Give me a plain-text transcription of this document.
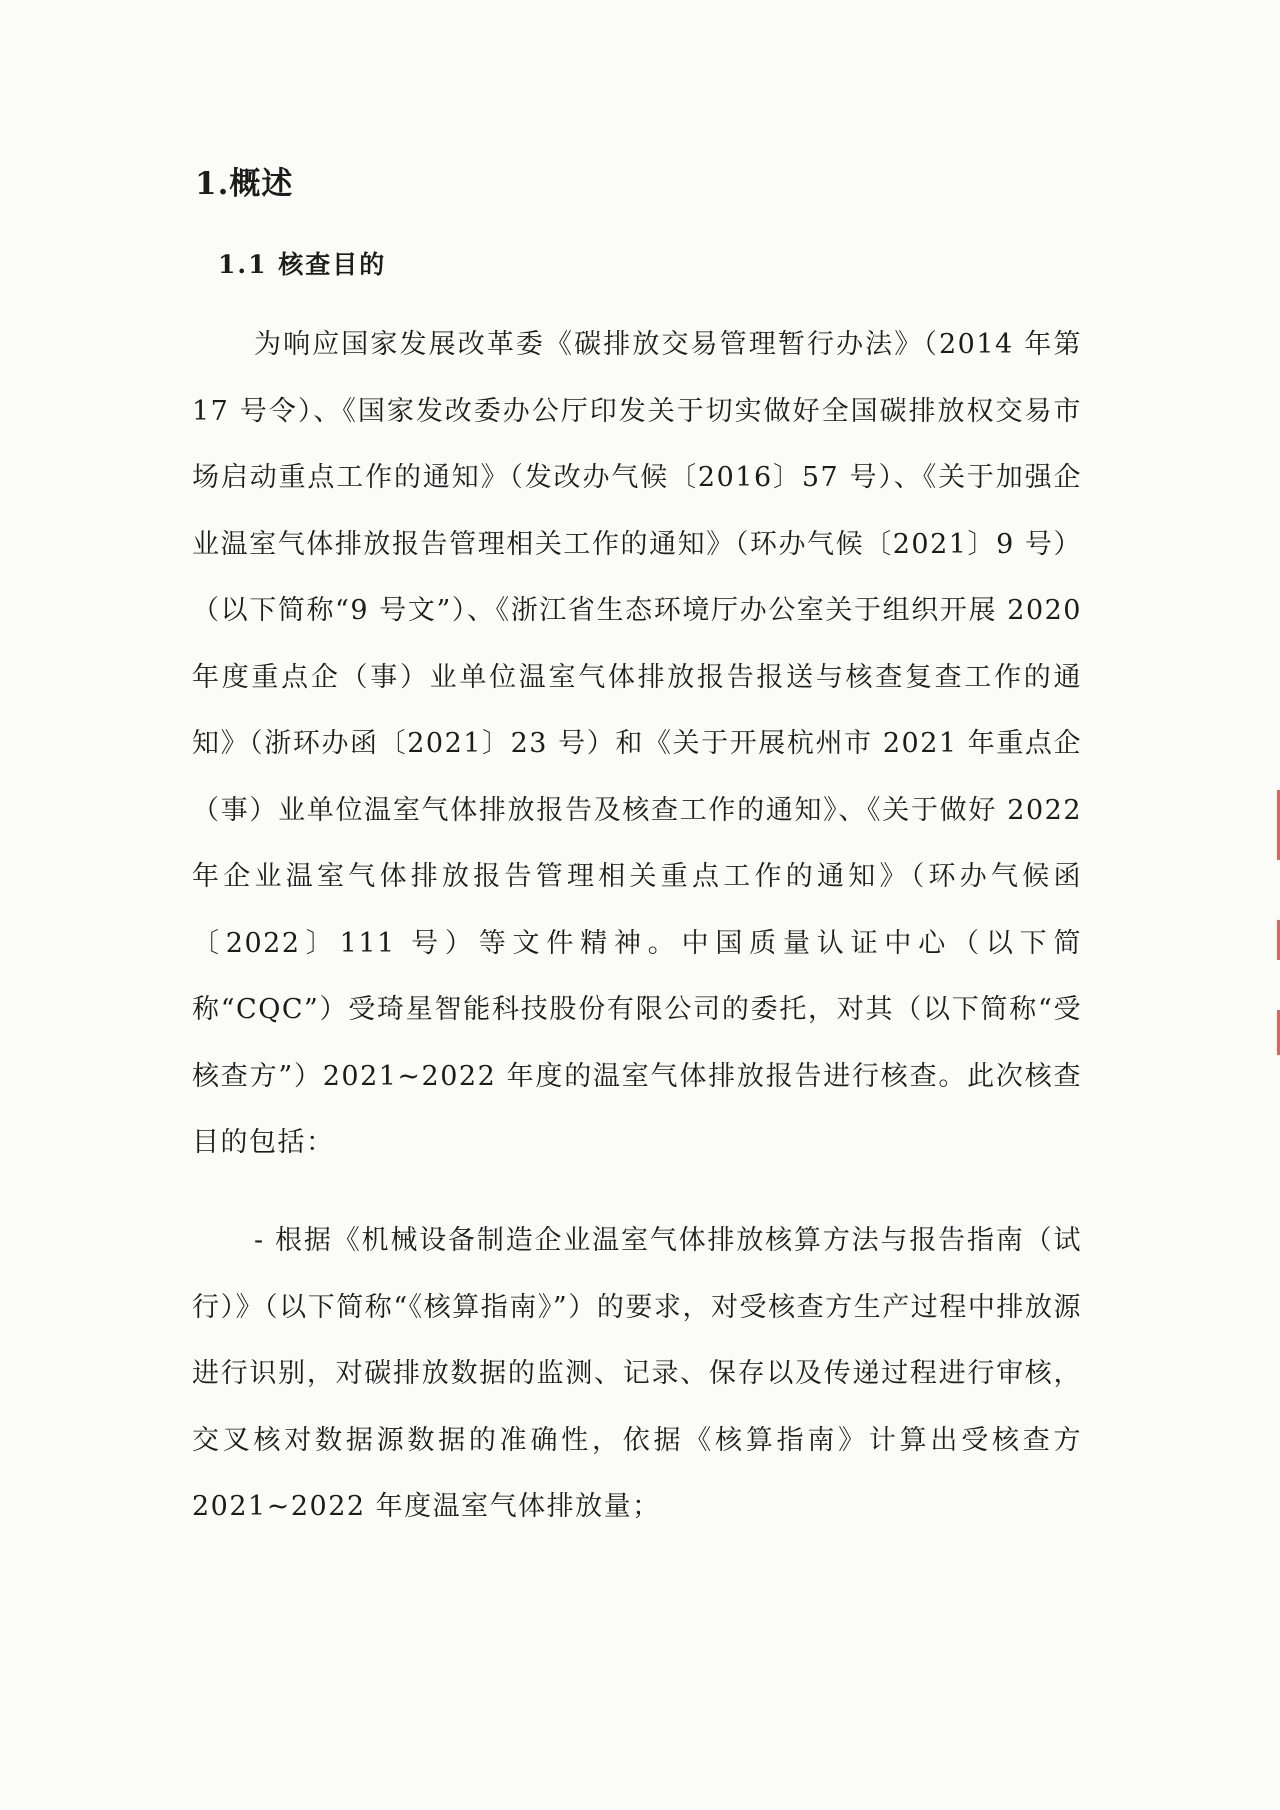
1.概述
1.1 核查目的

为响应国家发展改革委《碳排放交易管理暂行办法》（2014 年第 17 号令）、《国家发改委办公厅印发关于切实做好全国碳排放权交易市场启动重点工作的通知》（发改办气候〔2016〕57 号）、《关于加强企业温室气体排放报告管理相关工作的通知》（环办气候〔2021〕9 号）（以下简称“9 号文”）、《浙江省生态环境厅办公室关于组织开展 2020 年度重点企（事）业单位温室气体排放报告报送与核查复查工作的通知》（浙环办函〔2021〕23 号）和《关于开展杭州市 2021 年重点企（事）业单位温室气体排放报告及核查工作的通知》、《关于做好 2022 年企业温室气体排放报告管理相关重点工作的通知》（环办气候函〔2022〕111 号）等文件精神。中国质量认证中心（以下简称“CQC”）受琦星智能科技股份有限公司的委托，对其（以下简称“受核查方”）2021~2022 年度的温室气体排放报告进行核查。此次核查目的包括：

- 根据《机械设备制造企业温室气体排放核算方法与报告指南（试行）》（以下简称“《核算指南》”）的要求，对受核查方生产过程中排放源进行识别，对碳排放数据的监测、记录、保存以及传递过程进行审核，交叉核对数据源数据的准确性，依据《核算指南》计算出受核查方 2021~2022 年度温室气体排放量；
